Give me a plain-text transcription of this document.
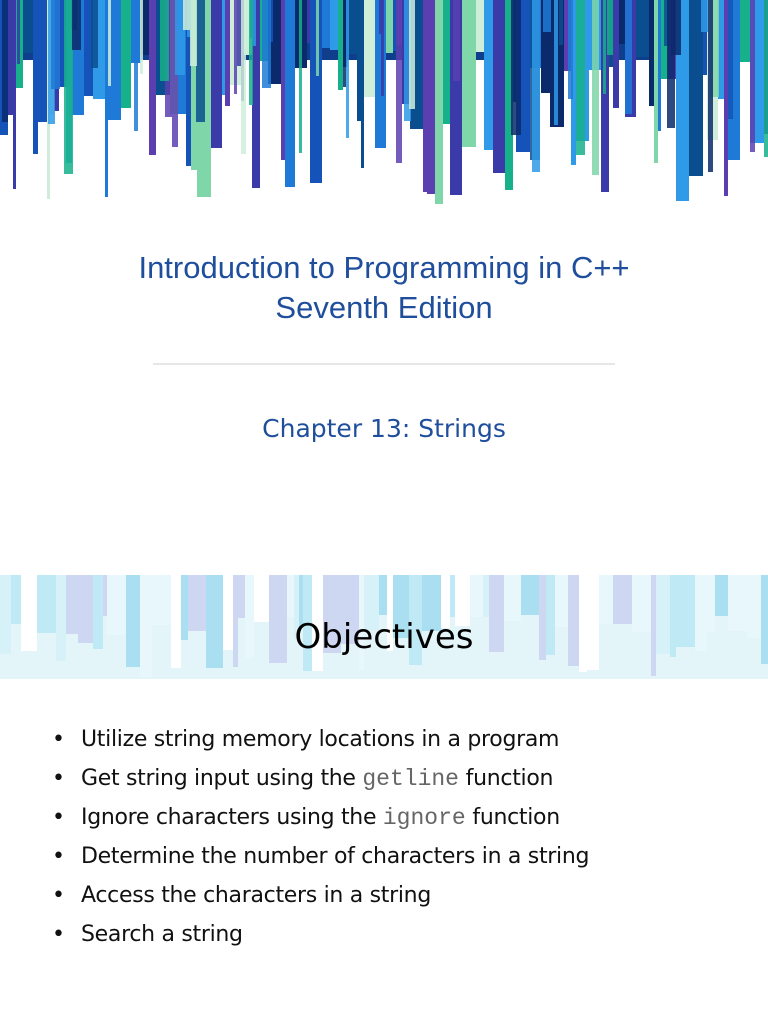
Introduction to Programming in C++
Seventh Edition
Chapter 13: Strings
Objectives
• Utilize string memory locations in a program
• Get string input using the getline function
• Ignore characters using the ignore function
• Determine the number of characters in a string
• Access the characters in a string
• Search a string
